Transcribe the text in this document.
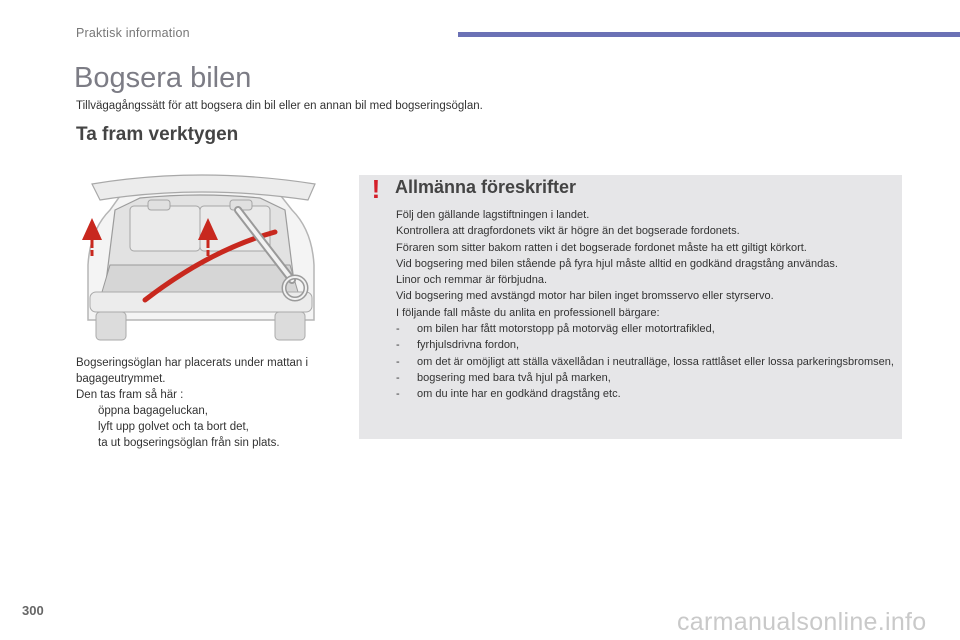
Praktisk information
Bogsera bilen
Tillvägagångssätt för att bogsera din bil eller en annan bil med bogseringsöglan.
Ta fram verktygen
Bogseringsöglan har placerats under mattan i bagageutrymmet.
Den tas fram så här :
öppna bagageluckan,
lyft upp golvet och ta bort det,
ta ut bogseringsöglan från sin plats.
! Allmänna föreskrifter
Följ den gällande lagstiftningen i landet.
Kontrollera att dragfordonets vikt är högre än det bogserade fordonets.
Föraren som sitter bakom ratten i det bogserade fordonet måste ha ett giltigt körkort.
Vid bogsering med bilen stående på fyra hjul måste alltid en godkänd dragstång användas.
Linor och remmar är förbjudna.
Vid bogsering med avstängd motor har bilen inget bromsservo eller styrservo.
I följande fall måste du anlita en professionell bärgare:
-	om bilen har fått motorstopp på motorväg eller motortrafikled,
-	fyrhjulsdrivna fordon,
-	om det är omöjligt att ställa växellådan i neutralläge, lossa rattlåset eller lossa parkeringsbromsen,
-	bogsering med bara två hjul på marken,
-	om du inte har en godkänd dragstång etc.
300	carmanualsonline.info
